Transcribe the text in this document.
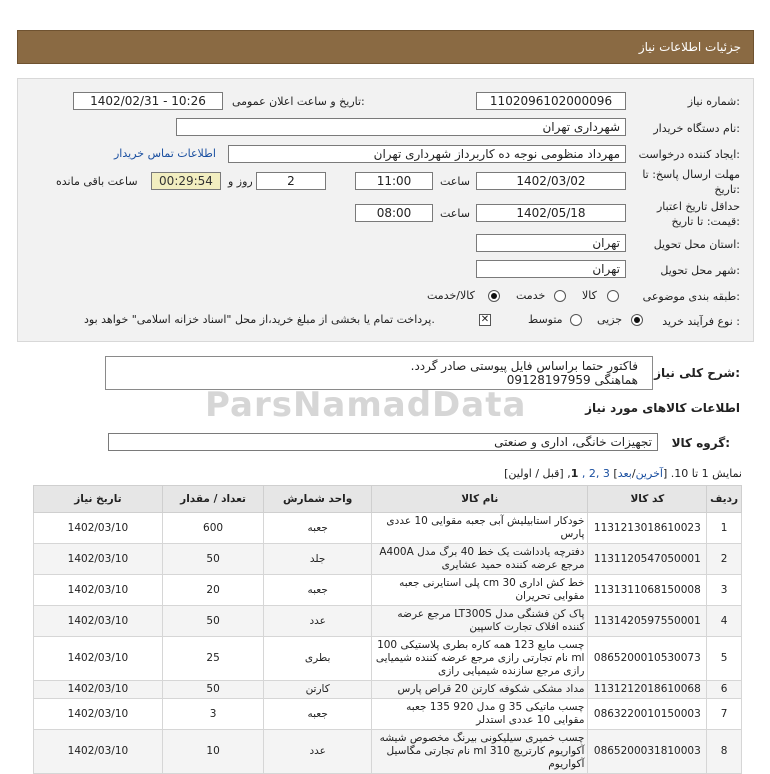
جزئیات اطلاعات نیاز
شماره نیاز:
1102096102000096
تاریخ و ساعت اعلان عمومی:
1402/02/31 - 10:26
نام دستگاه خریدار:
شهرداری تهران
ایجاد کننده درخواست:
مهرداد منظومی نوجه ده کاربرداز شهرداری تهران
اطلاعات تماس خریدار
مهلت ارسال پاسخ: تا
تاریخ:
1402/03/02
ساعت
11:00
2
روز و
00:29:54
ساعت باقی مانده
حداقل تاریخ اعتبار
قیمت: تا تاریخ:
1402/05/18
ساعت
08:00
استان محل تحویل:
تهران
شهر محل تحویل:
تهران
طبقه بندی موضوعی:
کالا
خدمت
کالا/خدمت
نوع فرآیند خرید :
جزیی
متوسط
✕
پرداخت تمام یا بخشی از مبلغ خرید،از محل "اسناد خزانه اسلامی" خواهد بود.
شرح کلی نیاز:
فاکتور حتما براساس فایل پیوستی صادر گردد.
هماهنگی 09128197959
ParsNamadData	اطلاعات کالاهای مورد نیاز
گروه کالا:
تجهیزات خانگی، اداری و صنعتی
نمایش 1 تا 10. [آخرین/بعد] 3 ,2 , 1, [قبل / اولین]
ردیف	کد کالا	نام کالا	واحد شمارش	تعداد / مقدار	تاریخ نیاز
1	1131213018610023	خودکار استابیلیش آبی جعبه مقوایی 10 عددی پارس	جعبه	600	1402/03/10
2	1131120547050001	دفترچه یادداشت یک خط 40 برگ مدل A400A مرجع عرضه کننده حمید عشایری	جلد	50	1402/03/10
3	1131311068150008	خط کش اداری 30 cm پلی استایرنی جعبه مقوایی تحریران	جعبه	20	1402/03/10
4	1131420597550001	پاک کن فشنگی مدل LT300S مرجع عرضه کننده افلاک تجارت کاسپین	عدد	50	1402/03/10
5	0865200010530073	چسب مایع 123 همه کاره بطری پلاستیکی 100 ml نام تجارتی رازی مرجع عرضه کننده شیمیایی رازی مرجع سازنده شیمیایی رازی	بطری	25	1402/03/10
6	1131212018610068	مداد مشکی شکوفه کارتن 20 قراص پارس	کارتن	50	1402/03/10
7	0863220010150003	چسب ماتیکی 35 g مدل 920 135 جعبه مقوایی 10 عددی استدلر	جعبه	3	1402/03/10
8	0865200031810003	چسب خمیری سیلیکونی بیرنگ مخصوص شیشه آکواریوم کارتریج 310 ml نام تجارتی مگاسیل آکواریوم	عدد	10	1402/03/10
